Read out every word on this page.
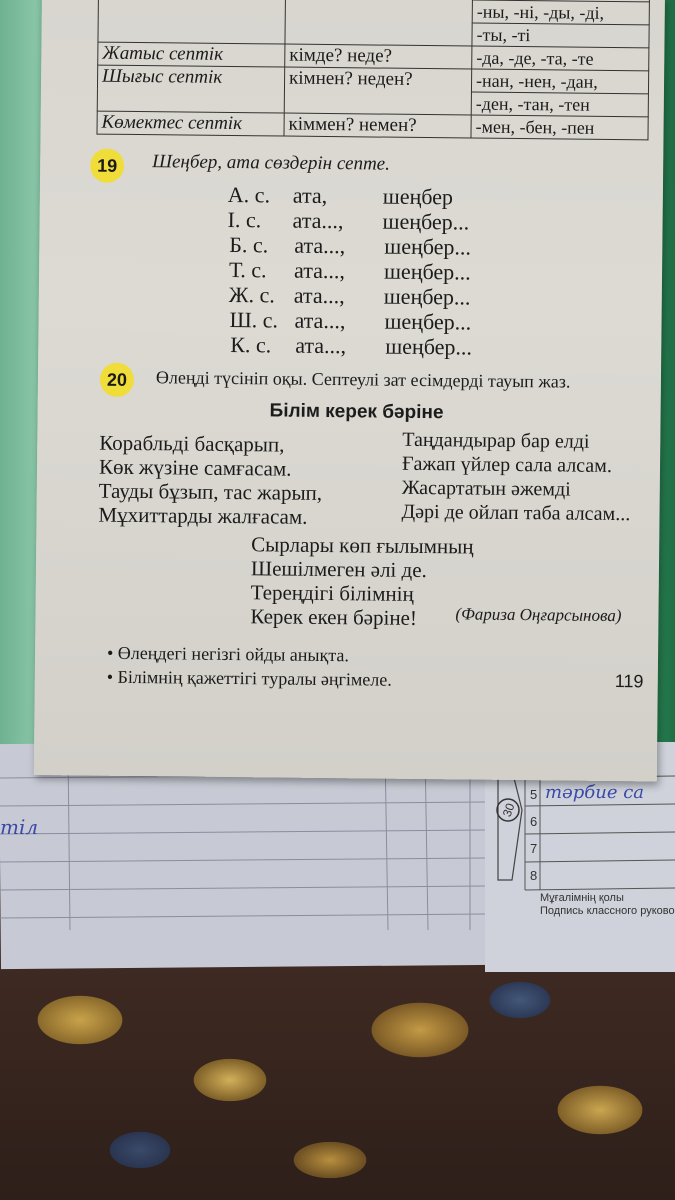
тіл
5
6
7
8
30
тәрбие са
Мұғалімнің қолы
Подпись классного руково

		-ны, -ні, -ды, -ді,
		-ты, -ті
Жатыс септік	кімде? неде?	-да, -де, -та, -те
Шығыс септік	кімнен? неден?	-нан, -нен, -дан,
		-ден, -тан, -тен
Көмектес септік	кіммен? немен?	-мен, -бен, -пен
19	Шеңбер, ата сөздерін септе.
А. с. ата,	шеңбер
І. с. ата..., шеңбер...
Б. с. ата..., шеңбер...
Т. с. ата..., шеңбер...
Ж. с. ата..., шеңбер...
Ш. с. ата..., шеңбер...
К. с. ата..., шеңбер...
20	Өлеңді түсініп оқы. Септеулі зат есімдерді тауып жаз.
Білім керек бәріне
Корабльді басқарып,
Көк жүзіне самғасам.
Тауды бұзып, тас жарып,
Мұхиттарды жалғасам.
Таңдандырар бар елді
Ғажап үйлер сала алсам.
Жасартатын әжемді
Дәрі де ойлап таба алсам...
Сырлары көп ғылымның
Шешілмеген әлі де.
Тереңдігі білімнің
Керек екен бәріне!	(Фариза Оңғарсынова)
• Өлеңдегі негізгі ойды анықта.
• Білімнің қажеттігі туралы әңгімеле.	119
